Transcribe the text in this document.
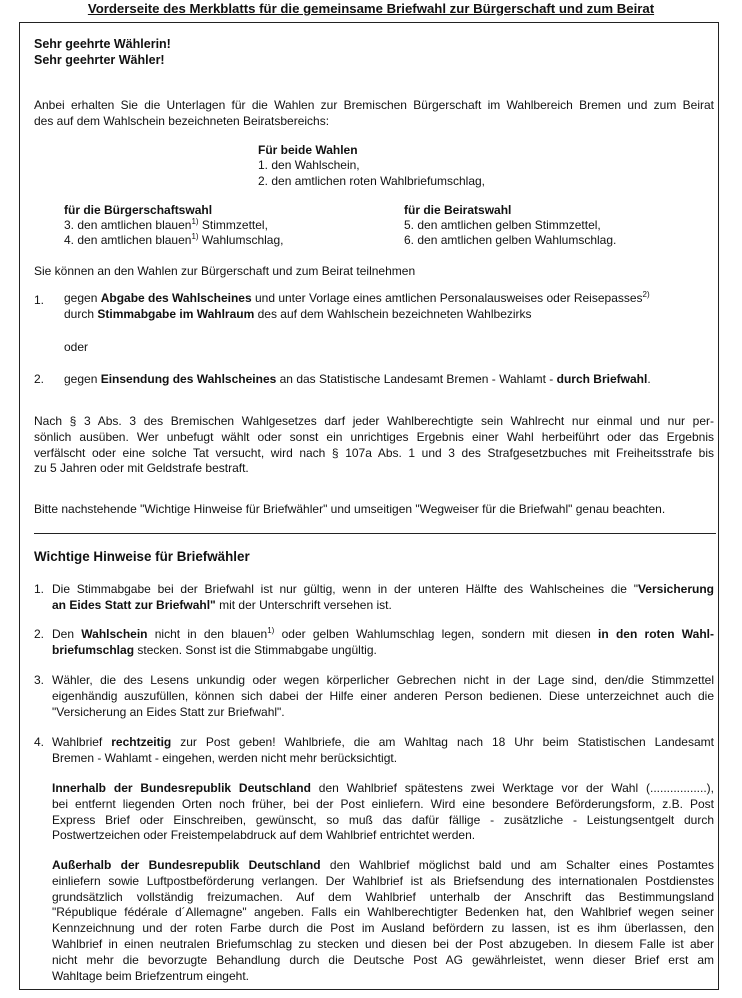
Vorderseite des Merkblatts für die gemeinsame Briefwahl zur Bürgerschaft und zum Beirat
Sehr geehrte Wählerin!
Sehr geehrter Wähler!
Anbei erhalten Sie die Unterlagen für die Wahlen zur Bremischen Bürgerschaft im Wahlbereich Bremen und zum Beirat
des auf dem Wahlschein bezeichneten Beiratsbereichs:
Für beide Wahlen
1. den Wahlschein,
2. den amtlichen roten Wahlbriefumschlag,
für die Bürgerschaftswahl
3. den amtlichen blauen$^{1)}$ Stimmzettel,
4. den amtlichen blauen$^{1)}$ Wahlumschlag,
für die Beiratswahl
5. den amtlichen gelben Stimmzettel,
6. den amtlichen gelben Wahlumschlag.
Sie können an den Wahlen zur Bürgerschaft und zum Beirat teilnehmen
1. gegen Abgabe des Wahlscheines und unter Vorlage eines amtlichen Personalausweises oder Reisepasses$^{2)}$
durch Stimmabgabe im Wahlraum des auf dem Wahlschein bezeichneten Wahlbezirks
oder
2. gegen Einsendung des Wahlscheines an das Statistische Landesamt Bremen - Wahlamt - durch Briefwahl.
Nach § 3 Abs. 3 des Bremischen Wahlgesetzes darf jeder Wahlberechtigte sein Wahlrecht nur einmal und nur per-
sönlich ausüben. Wer unbefugt wählt oder sonst ein unrichtiges Ergebnis einer Wahl herbeiführt oder das Ergebnis
verfälscht oder eine solche Tat versucht, wird nach § 107a Abs. 1 und 3 des Strafgesetzbuches mit Freiheitsstrafe bis
zu 5 Jahren oder mit Geldstrafe bestraft.
Bitte nachstehende "Wichtige Hinweise für Briefwähler" und umseitigen "Wegweiser für die Briefwahl" genau beachten.
Wichtige Hinweise für Briefwähler
1. Die Stimmabgabe bei der Briefwahl ist nur gültig, wenn in der unteren Hälfte des Wahlscheines die "Versicherung
an Eides Statt zur Briefwahl" mit der Unterschrift versehen ist.
2. Den Wahlschein nicht in den blauen$^{1)}$ oder gelben Wahlumschlag legen, sondern mit diesen in den roten Wahl-
briefumschlag stecken. Sonst ist die Stimmabgabe ungültig.
3. Wähler, die des Lesens unkundig oder wegen körperlicher Gebrechen nicht in der Lage sind, den/die Stimmzettel
eigenhändig auszufüllen, können sich dabei der Hilfe einer anderen Person bedienen. Diese unterzeichnet auch die
"Versicherung an Eides Statt zur Briefwahl".
4. Wahlbrief rechtzeitig zur Post geben! Wahlbriefe, die am Wahltag nach 18 Uhr beim Statistischen Landesamt
Bremen - Wahlamt - eingehen, werden nicht mehr berücksichtigt.
Innerhalb der Bundesrepublik Deutschland den Wahlbrief spätestens zwei Werktage vor der Wahl (.................),
bei entfernt liegenden Orten noch früher, bei der Post einliefern. Wird eine besondere Beförderungsform, z.B. Post
Express Brief oder Einschreiben, gewünscht, so muß das dafür fällige - zusätzliche - Leistungsentgelt durch
Postwertzeichen oder Freistempelabdruck auf dem Wahlbrief entrichtet werden.
Außerhalb der Bundesrepublik Deutschland den Wahlbrief möglichst bald und am Schalter eines Postamtes
einliefern sowie Luftpostbeförderung verlangen. Der Wahlbrief ist als Briefsendung des internationalen Postdienstes
grundsätzlich vollständig freizumachen. Auf dem Wahlbrief unterhalb der Anschrift das Bestimmungsland
"République fédérale d´Allemagne" angeben. Falls ein Wahlberechtigter Bedenken hat, den Wahlbrief wegen seiner
Kennzeichnung und der roten Farbe durch die Post im Ausland befördern zu lassen, ist es ihm überlassen, den
Wahlbrief in einen neutralen Briefumschlag zu stecken und diesen bei der Post abzugeben. In diesem Falle ist aber
nicht mehr die bevorzugte Behandlung durch die Deutsche Post AG gewährleistet, wenn dieser Brief erst am
Wahltage beim Briefzentrum eingeht.
